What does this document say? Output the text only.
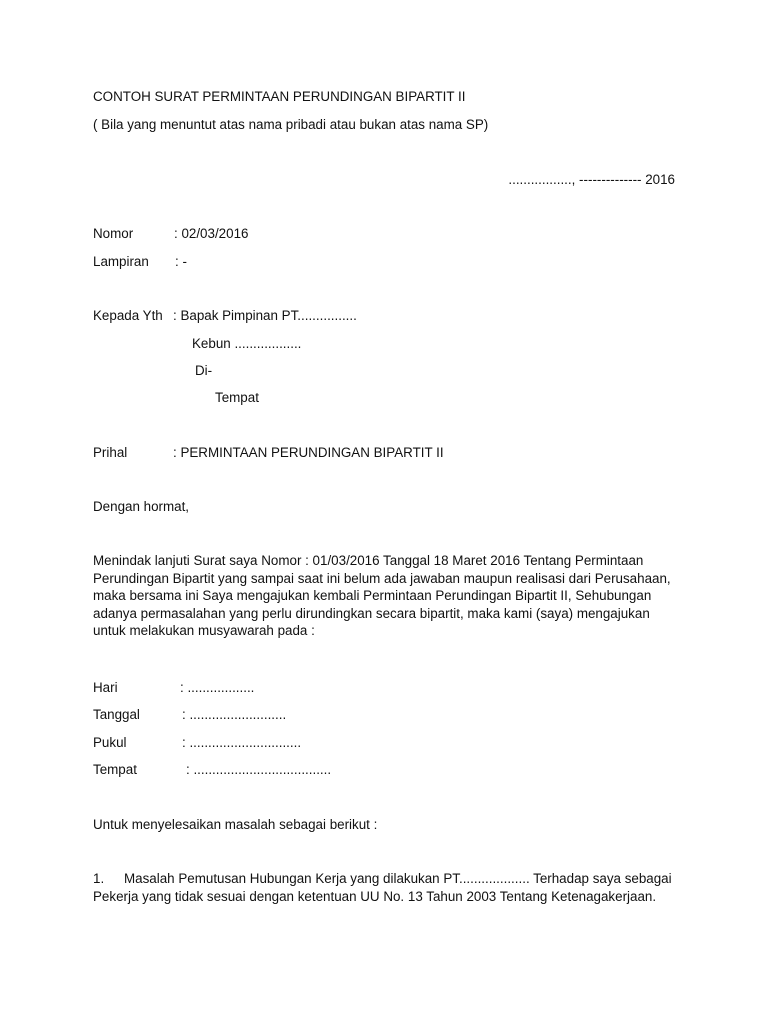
CONTOH SURAT PERMINTAAN PERUNDINGAN BIPARTIT II
( Bila yang menuntut atas nama pribadi atau bukan atas nama SP)
................., -------------- 2016
Nomor	: 02/03/2016
Lampiran : -
Kepada Yth : Bapak Pimpinan PT................
Kebun ..................
Di-
Tempat
Prihal	: PERMINTAAN PERUNDINGAN BIPARTIT II
Dengan hormat,
Menindak lanjuti Surat saya Nomor : 01/03/2016 Tanggal 18 Maret 2016 Tentang Permintaan Perundingan Bipartit yang sampai saat ini belum ada jawaban maupun realisasi dari Perusahaan, maka bersama ini Saya mengajukan kembali Permintaan Perundingan Bipartit II, Sehubungan adanya permasalahan yang perlu dirundingkan secara bipartit, maka kami (saya) mengajukan untuk melakukan musyawarah pada :
Hari	: ..................
Tanggal	: ..........................
Pukul	: ..............................
Tempat	: .....................................
Untuk menyelesaikan masalah sebagai berikut :
1. Masalah Pemutusan Hubungan Kerja yang dilakukan PT................... Terhadap saya sebagai
Pekerja yang tidak sesuai dengan ketentuan UU No. 13 Tahun 2003 Tentang Ketenagakerjaan.
